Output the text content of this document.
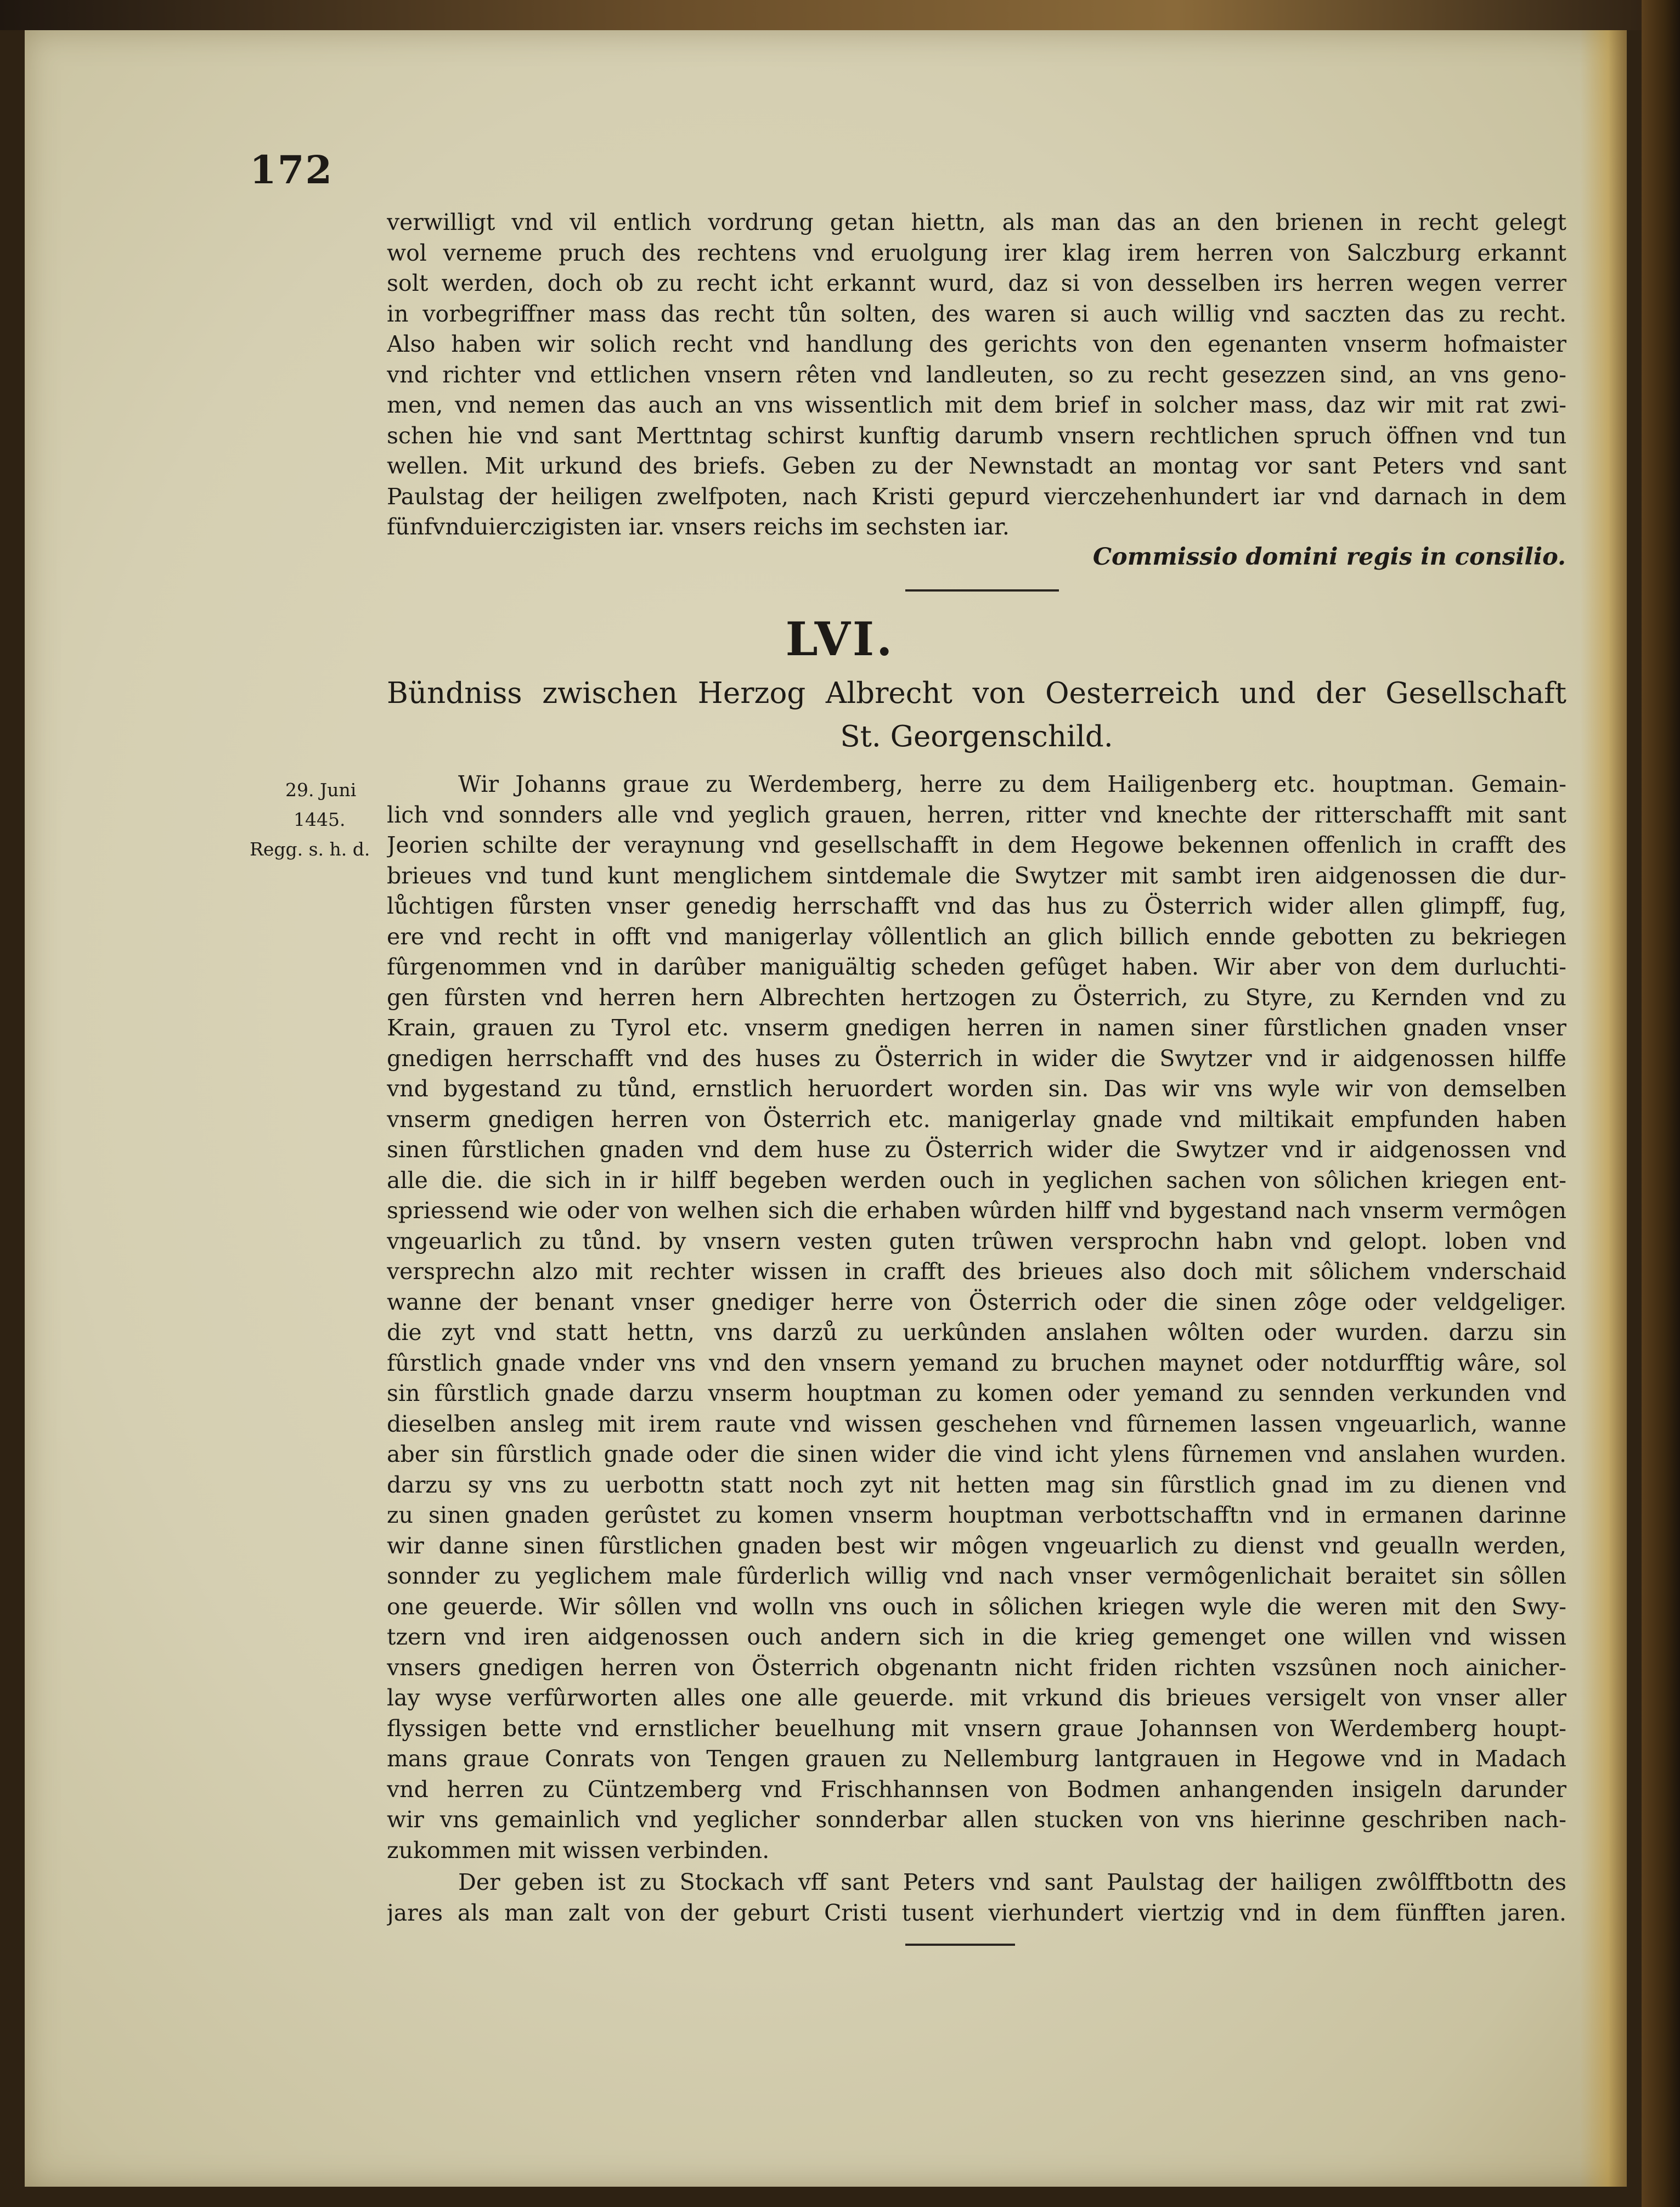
172
verwilligt vnd vil entlich vordrung getan hiettn, als man das an den brienen in recht gelegt
wol verneme pruch des rechtens vnd eruolgung irer klag irem herren von Salczburg erkannt
solt werden, doch ob zu recht icht erkannt wurd, daz si von desselben irs herren wegen verrer
in vorbegriffner mass das recht tůn solten, des waren si auch willig vnd saczten das zu recht.
Also haben wir solich recht vnd handlung des gerichts von den egenanten vnserm hofmaister
vnd richter vnd ettlichen vnsern rêten vnd landleuten, so zu recht gesezzen sind, an vns geno-
men, vnd nemen das auch an vns wissentlich mit dem brief in solcher mass, daz wir mit rat zwi-
schen hie vnd sant Merttntag schirst kunftig darumb vnsern rechtlichen spruch öffnen vnd tun
wellen. Mit urkund des briefs. Geben zu der Newnstadt an montag vor sant Peters vnd sant
Paulstag der heiligen zwelfpoten, nach Kristi gepurd vierczehenhundert iar vnd darnach in dem
fünfvnduierczigisten iar. vnsers reichs im sechsten iar.
Commissio domini regis in consilio.
LVI.
Bündniss zwischen Herzog Albrecht von Oesterreich und der Gesellschaft
St. Georgenschild.
29. Juni
1445.
Regg. s. h. d.
Wir Johanns graue zu Werdemberg, herre zu dem Hailigenberg etc. houptman. Gemain-
lich vnd sonnders alle vnd yeglich grauen, herren, ritter vnd knechte der ritterschafft mit sant
Jeorien schilte der veraynung vnd gesellschafft in dem Hegowe bekennen offenlich in crafft des
brieues vnd tund kunt menglichem sintdemale die Swytzer mit sambt iren aidgenossen die dur-
lůchtigen fůrsten vnser genedig herrschafft vnd das hus zu Österrich wider allen glimpff, fug,
ere vnd recht in offt vnd manigerlay vôllentlich an glich billich ennde gebotten zu bekriegen
fûrgenommen vnd in darûber maniguältig scheden gefûget haben. Wir aber von dem durluchti-
gen fûrsten vnd herren hern Albrechten hertzogen zu Österrich, zu Styre, zu Kernden vnd zu
Krain, grauen zu Tyrol etc. vnserm gnedigen herren in namen siner fûrstlichen gnaden vnser
gnedigen herrschafft vnd des huses zu Österrich in wider die Swytzer vnd ir aidgenossen hilffe
vnd bygestand zu tůnd, ernstlich heruordert worden sin. Das wir vns wyle wir von demselben
vnserm gnedigen herren von Österrich etc. manigerlay gnade vnd miltikait empfunden haben
sinen fûrstlichen gnaden vnd dem huse zu Österrich wider die Swytzer vnd ir aidgenossen vnd
alle die. die sich in ir hilff begeben werden ouch in yeglichen sachen von sôlichen kriegen ent-
spriessend wie oder von welhen sich die erhaben wûrden hilff vnd bygestand nach vnserm vermôgen
vngeuarlich zu tůnd. by vnsern vesten guten trûwen versprochn habn vnd gelopt. loben vnd
versprechn alzo mit rechter wissen in crafft des brieues also doch mit sôlichem vnderschaid
wanne der benant vnser gnediger herre von Österrich oder die sinen zôge oder veldgeliger.
die zyt vnd statt hettn, vns darzů zu uerkûnden anslahen wôlten oder wurden. darzu sin
fûrstlich gnade vnder vns vnd den vnsern yemand zu bruchen maynet oder notdurfftig wâre, sol
sin fûrstlich gnade darzu vnserm houptman zu komen oder yemand zu sennden verkunden vnd
dieselben ansleg mit irem raute vnd wissen geschehen vnd fûrnemen lassen vngeuarlich, wanne
aber sin fûrstlich gnade oder die sinen wider die vind icht ylens fûrnemen vnd anslahen wurden.
darzu sy vns zu uerbottn statt noch zyt nit hetten mag sin fûrstlich gnad im zu dienen vnd
zu sinen gnaden gerûstet zu komen vnserm houptman verbottschafftn vnd in ermanen darinne
wir danne sinen fûrstlichen gnaden best wir môgen vngeuarlich zu dienst vnd geualln werden,
sonnder zu yeglichem male fûrderlich willig vnd nach vnser vermôgenlichait beraitet sin sôllen
one geuerde. Wir sôllen vnd wolln vns ouch in sôlichen kriegen wyle die weren mit den Swy-
tzern vnd iren aidgenossen ouch andern sich in die krieg gemenget one willen vnd wissen
vnsers gnedigen herren von Österrich obgenantn nicht friden richten vszsûnen noch ainicher-
lay wyse verfûrworten alles one alle geuerde. mit vrkund dis brieues versigelt von vnser aller
flyssigen bette vnd ernstlicher beuelhung mit vnsern graue Johannsen von Werdemberg houpt-
mans graue Conrats von Tengen grauen zu Nellemburg lantgrauen in Hegowe vnd in Madach
vnd herren zu Cüntzemberg vnd Frischhannsen von Bodmen anhangenden insigeln darunder
wir vns gemainlich vnd yeglicher sonnderbar allen stucken von vns hierinne geschriben nach-
zukommen mit wissen verbinden.
Der geben ist zu Stockach vff sant Peters vnd sant Paulstag der hailigen zwôlfftbottn des
jares als man zalt von der geburt Cristi tusent vierhundert viertzig vnd in dem fünfften jaren.
